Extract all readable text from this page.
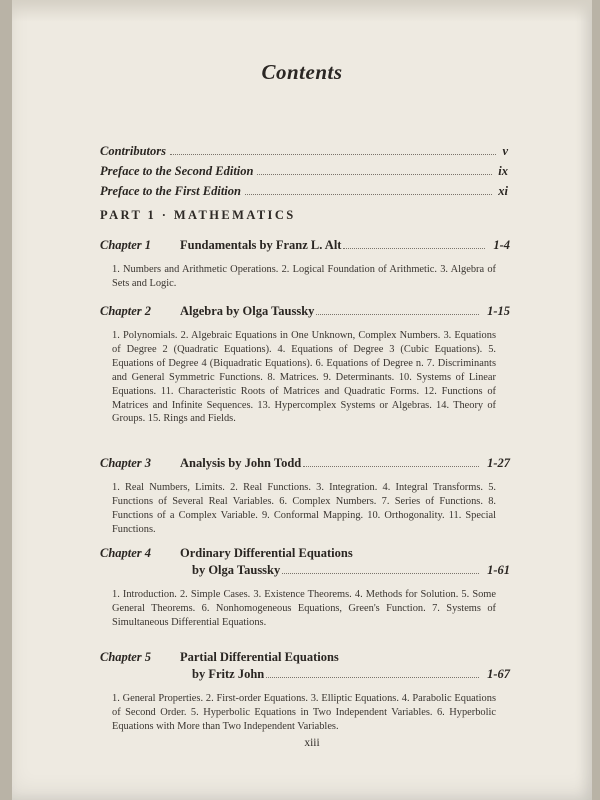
Contents
Contributors	v
Preface to the Second Edition	ix
Preface to the First Edition	xi
PART 1 · MATHEMATICS
Chapter 1	Fundamentals by Franz L. Alt	1-4
1. Numbers and Arithmetic Operations. 2. Logical Foundation of Arithmetic. 3. Algebra of Sets and Logic.
Chapter 2	Algebra by Olga Taussky	1-15
1. Polynomials. 2. Algebraic Equations in One Unknown, Complex Numbers. 3. Equations of Degree 2 (Quadratic Equations). 4. Equations of Degree 3 (Cubic Equations). 5. Equations of Degree 4 (Biquadratic Equations). 6. Equations of Degree n. 7. Discriminants and General Symmetric Functions. 8. Matrices. 9. Determinants. 10. Systems of Linear Equations. 11. Characteristic Roots of Matrices and Quadratic Forms. 12. Functions of Matrices and Infinite Sequences. 13. Hypercomplex Systems or Algebras. 14. Theory of Groups. 15. Rings and Fields.
Chapter 3	Analysis by John Todd	1-27
1. Real Numbers, Limits. 2. Real Functions. 3. Integration. 4. Integral Transforms. 5. Functions of Several Real Variables. 6. Complex Numbers. 7. Series of Functions. 8. Functions of a Complex Variable. 9. Conformal Mapping. 10. Orthogonality. 11. Special Functions.
Chapter 4	Ordinary Differential Equations
by Olga Taussky	1-61
1. Introduction. 2. Simple Cases. 3. Existence Theorems. 4. Methods for Solution. 5. Some General Theorems. 6. Nonhomogeneous Equations, Green's Function. 7. Systems of Simultaneous Differential Equations.
Chapter 5	Partial Differential Equations
by Fritz John	1-67
1. General Properties. 2. First-order Equations. 3. Elliptic Equations. 4. Parabolic Equations of Second Order. 5. Hyperbolic Equations in Two Independent Variables. 6. Hyperbolic Equations with More than Two Independent Variables.
xiii
